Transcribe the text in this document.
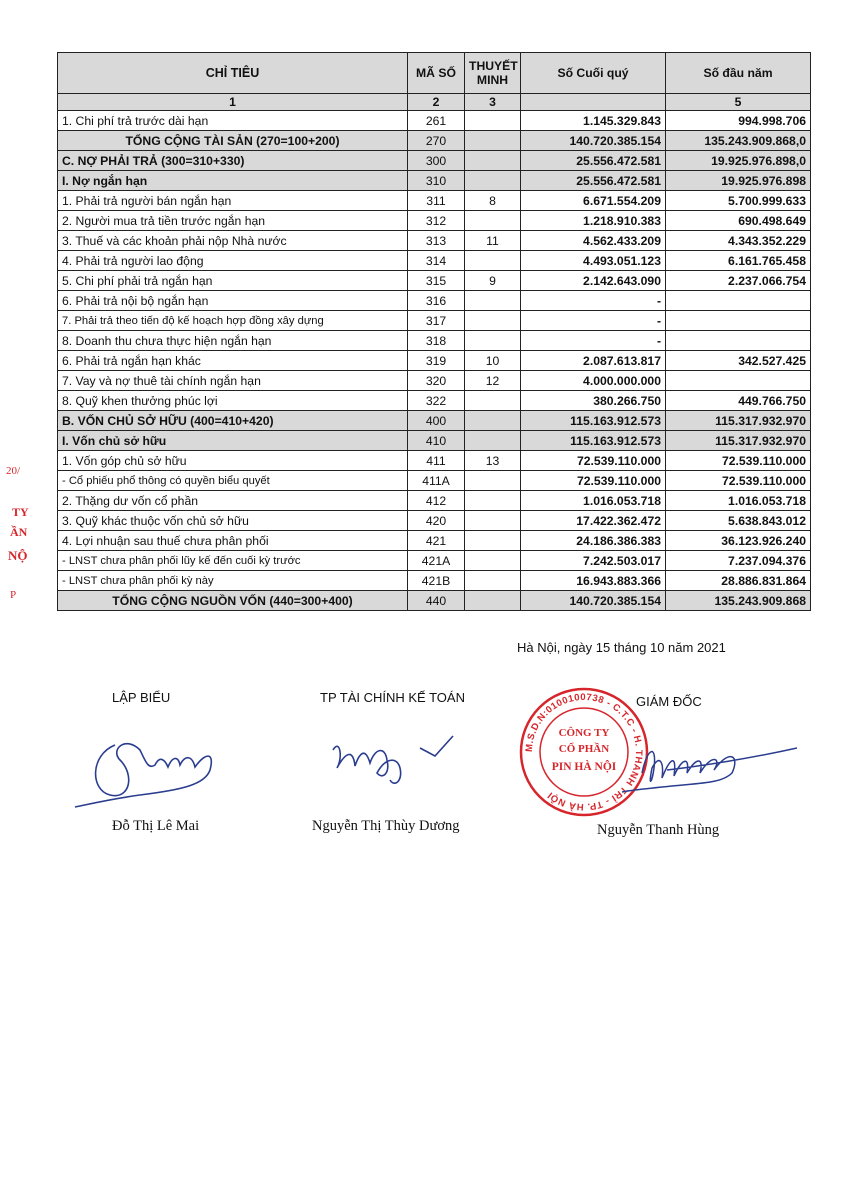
CHỈ TIÊU	MÃ SỐ	THUYẾT
MINH	Số Cuối quý	Số đầu năm
1	2	3		5
1. Chi phí trả trước dài hạn	261		1.145.329.843	994.998.706
TỔNG CỘNG TÀI SẢN (270=100+200)	270		140.720.385.154	135.243.909.868,0
C. NỢ PHẢI TRẢ (300=310+330)	300		25.556.472.581	19.925.976.898,0
I. Nợ ngắn hạn	310		25.556.472.581	19.925.976.898
1. Phải trả người bán ngắn hạn	311	8	6.671.554.209	5.700.999.633
2. Người mua trả tiền trước ngắn hạn	312		1.218.910.383	690.498.649
3. Thuế và các khoản phải nộp Nhà nước	313	11	4.562.433.209	4.343.352.229
4. Phải trả người lao động	314		4.493.051.123	6.161.765.458
5. Chi phí phải trả ngắn hạn	315	9	2.142.643.090	2.237.066.754
6. Phải trả nội bộ ngắn hạn	316		-	
7. Phải trả theo tiến độ kế hoạch hợp đồng xây dựng	317		-	
8. Doanh thu chưa thực hiện ngắn hạn	318		-	
6. Phải trả ngắn hạn khác	319	10	2.087.613.817	342.527.425
7. Vay và nợ thuê tài chính ngắn hạn	320	12	4.000.000.000	
8. Quỹ khen thưởng phúc lợi	322		380.266.750	449.766.750
B. VỐN CHỦ SỞ HỮU (400=410+420)	400		115.163.912.573	115.317.932.970
I. Vốn chủ sở hữu	410		115.163.912.573	115.317.932.970
1. Vốn góp chủ sở hữu	411	13	72.539.110.000	72.539.110.000
- Cổ phiếu phổ thông có quyền biểu quyết	411A		72.539.110.000	72.539.110.000
2. Thặng dư vốn cổ phần	412		1.016.053.718	1.016.053.718
3. Quỹ khác thuộc vốn chủ sở hữu	420		17.422.362.472	5.638.843.012
4. Lợi nhuận sau thuế chưa phân phối	421		24.186.386.383	36.123.926.240
- LNST chưa phân phối lũy kế đến cuối kỳ trước	421A		7.242.503.017	7.237.094.376
- LNST chưa phân phối kỳ này	421B		16.943.883.366	28.886.831.864
TỔNG CỘNG NGUỒN VỐN (440=300+400)	440		140.720.385.154	135.243.909.868
Hà Nội, ngày 15 tháng 10 năm 2021
LẬP BIỂU	TP TÀI CHÍNH KẾ TOÁN	GIÁM ĐỐC
M.S.D.N:0100100738 - C.T.C - H. THANH TRÌ - TP. HÀ NỘI
CÔNG TY
CỔ PHẦN
PIN HÀ NỘI
Đỗ Thị Lê Mai	Nguyễn Thị Thùy Dương	Nguyễn Thanh Hùng
20/
TY
ẦN
NỘ
P
